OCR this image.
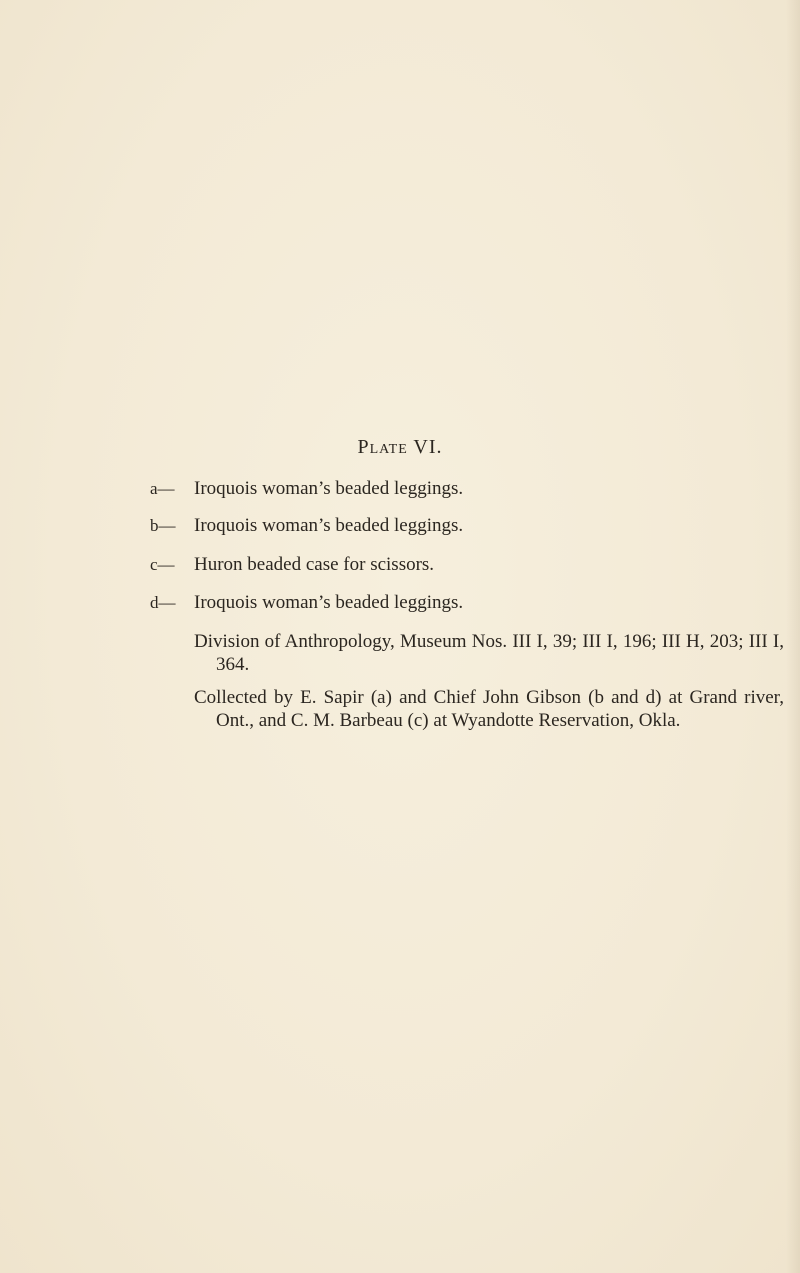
Plate VI.
a— Iroquois woman’s beaded leggings.
b— Iroquois woman’s beaded leggings.
c— Huron beaded case for scissors.
d— Iroquois woman’s beaded leggings.

Division of Anthropology, Museum Nos. III I, 39; III I, 196; III H, 203; III I, 364.

Collected by E. Sapir (a) and Chief John Gibson (b and d) at Grand river, Ont., and C. M. Barbeau (c) at Wyandotte Reservation, Okla.
